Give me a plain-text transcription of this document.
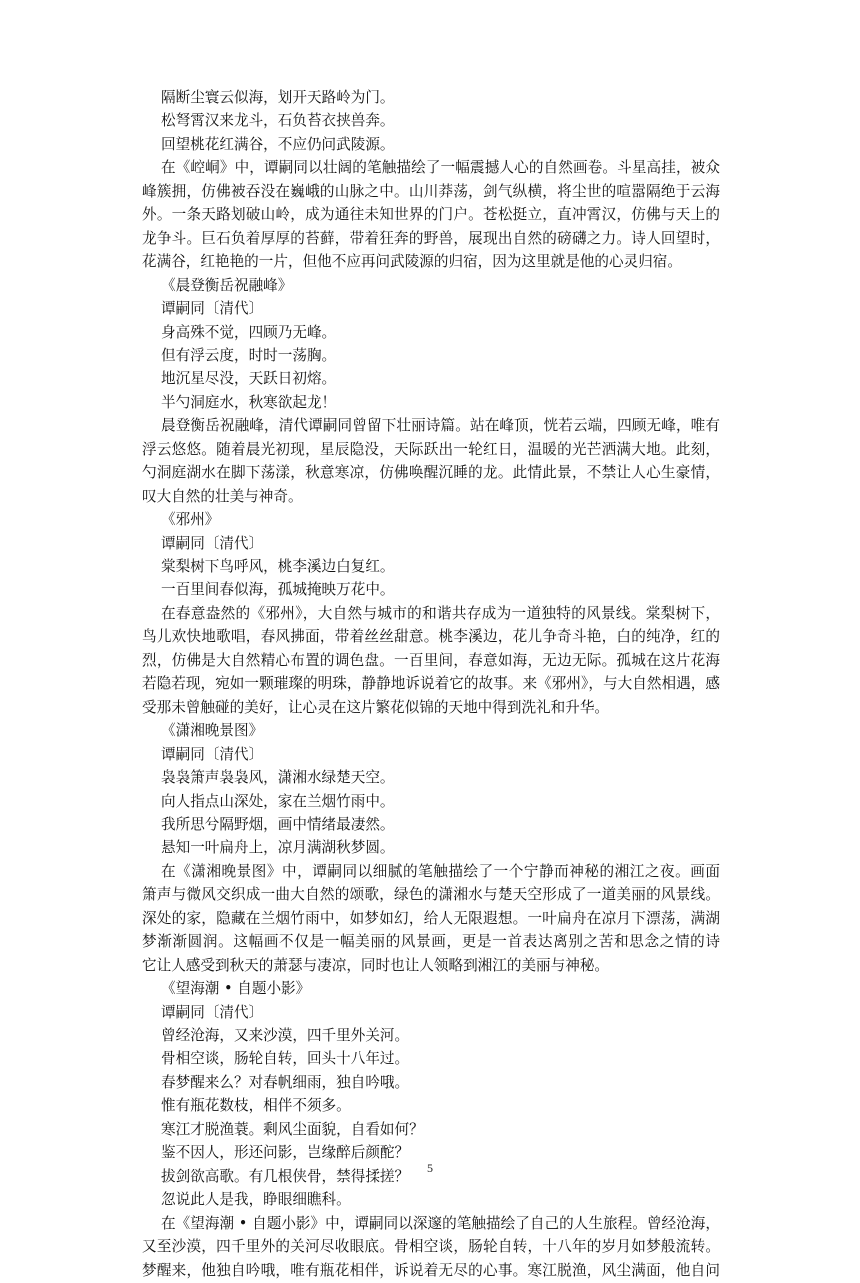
隔断尘寰云似海，划开天路岭为门。
松弩霄汉来龙斗，石负苔衣挟兽奔。
回望桃花红满谷，不应仍问武陵源。
在《崆峒》中，谭嗣同以壮阔的笔触描绘了一幅震撼人心的自然画卷。斗星高挂，被众
峰簇拥，仿佛被吞没在巍峨的山脉之中。山川莽荡，剑气纵横，将尘世的喧嚣隔绝于云海
外。一条天路划破山岭，成为通往未知世界的门户。苍松挺立，直冲霄汉，仿佛与天上的
龙争斗。巨石负着厚厚的苔藓，带着狂奔的野兽，展现出自然的磅礴之力。诗人回望时，
花满谷，红艳艳的一片，但他不应再问武陵源的归宿，因为这里就是他的心灵归宿。
《晨登衡岳祝融峰》
谭嗣同〔清代〕
身高殊不觉，四顾乃无峰。
但有浮云度，时时一荡胸。
地沉星尽没，天跃日初熔。
半勺洞庭水，秋寒欲起龙！
晨登衡岳祝融峰，清代谭嗣同曾留下壮丽诗篇。站在峰顶，恍若云端，四顾无峰，唯有
浮云悠悠。随着晨光初现，星辰隐没，天际跃出一轮红日，温暖的光芒洒满大地。此刻，
勺洞庭湖水在脚下荡漾，秋意寒凉，仿佛唤醒沉睡的龙。此情此景，不禁让人心生豪情，
叹大自然的壮美与神奇。
《邪州》
谭嗣同〔清代〕
棠梨树下鸟呼风，桃李溪边白复红。
一百里间春似海，孤城掩映万花中。
在春意盎然的《邪州》，大自然与城市的和谐共存成为一道独特的风景线。棠梨树下，
鸟儿欢快地歌唱，春风拂面，带着丝丝甜意。桃李溪边，花儿争奇斗艳，白的纯净，红的
烈，仿佛是大自然精心布置的调色盘。一百里间，春意如海，无边无际。孤城在这片花海
若隐若现，宛如一颗璀璨的明珠，静静地诉说着它的故事。来《邪州》，与大自然相遇，感
受那未曾触碰的美好，让心灵在这片繁花似锦的天地中得到洗礼和升华。
《潇湘晚景图》
谭嗣同〔清代〕
袅袅箫声袅袅风，潇湘水绿楚天空。
向人指点山深处，家在兰烟竹雨中。
我所思兮隔野烟，画中情绪最凄然。
悬知一叶扁舟上，凉月满湖秋梦圆。
在《潇湘晚景图》中，谭嗣同以细腻的笔触描绘了一个宁静而神秘的湘江之夜。画面
箫声与微风交织成一曲大自然的颂歌，绿色的潇湘水与楚天空形成了一道美丽的风景线。
深处的家，隐藏在兰烟竹雨中，如梦如幻，给人无限遐想。一叶扁舟在凉月下漂荡，满湖
梦渐渐圆润。这幅画不仅是一幅美丽的风景画，更是一首表达离别之苦和思念之情的诗
它让人感受到秋天的萧瑟与凄凉，同时也让人领略到湘江的美丽与神秘。
《望海潮 • 自题小影》
谭嗣同〔清代〕
曾经沧海，又来沙漠，四千里外关河。
骨相空谈，肠轮自转，回头十八年过。
春梦醒来么？对春帆细雨，独自吟哦。
惟有瓶花数枝，相伴不须多。
寒江才脱渔蓑。剩风尘面貌，自看如何？
鉴不因人，形还问影，岂缘醉后颜酡？
拔剑欲高歌。有几根侠骨，禁得揉搓？
忽说此人是我，睁眼细瞧科。
在《望海潮 • 自题小影》中，谭嗣同以深邃的笔触描绘了自己的人生旅程。曾经沧海，
又至沙漠，四千里外的关河尽收眼底。骨相空谈，肠轮自转，十八年的岁月如梦般流转。
梦醒来，他独自吟哦，唯有瓶花相伴，诉说着无尽的心事。寒江脱渔，风尘满面，他自问
5
